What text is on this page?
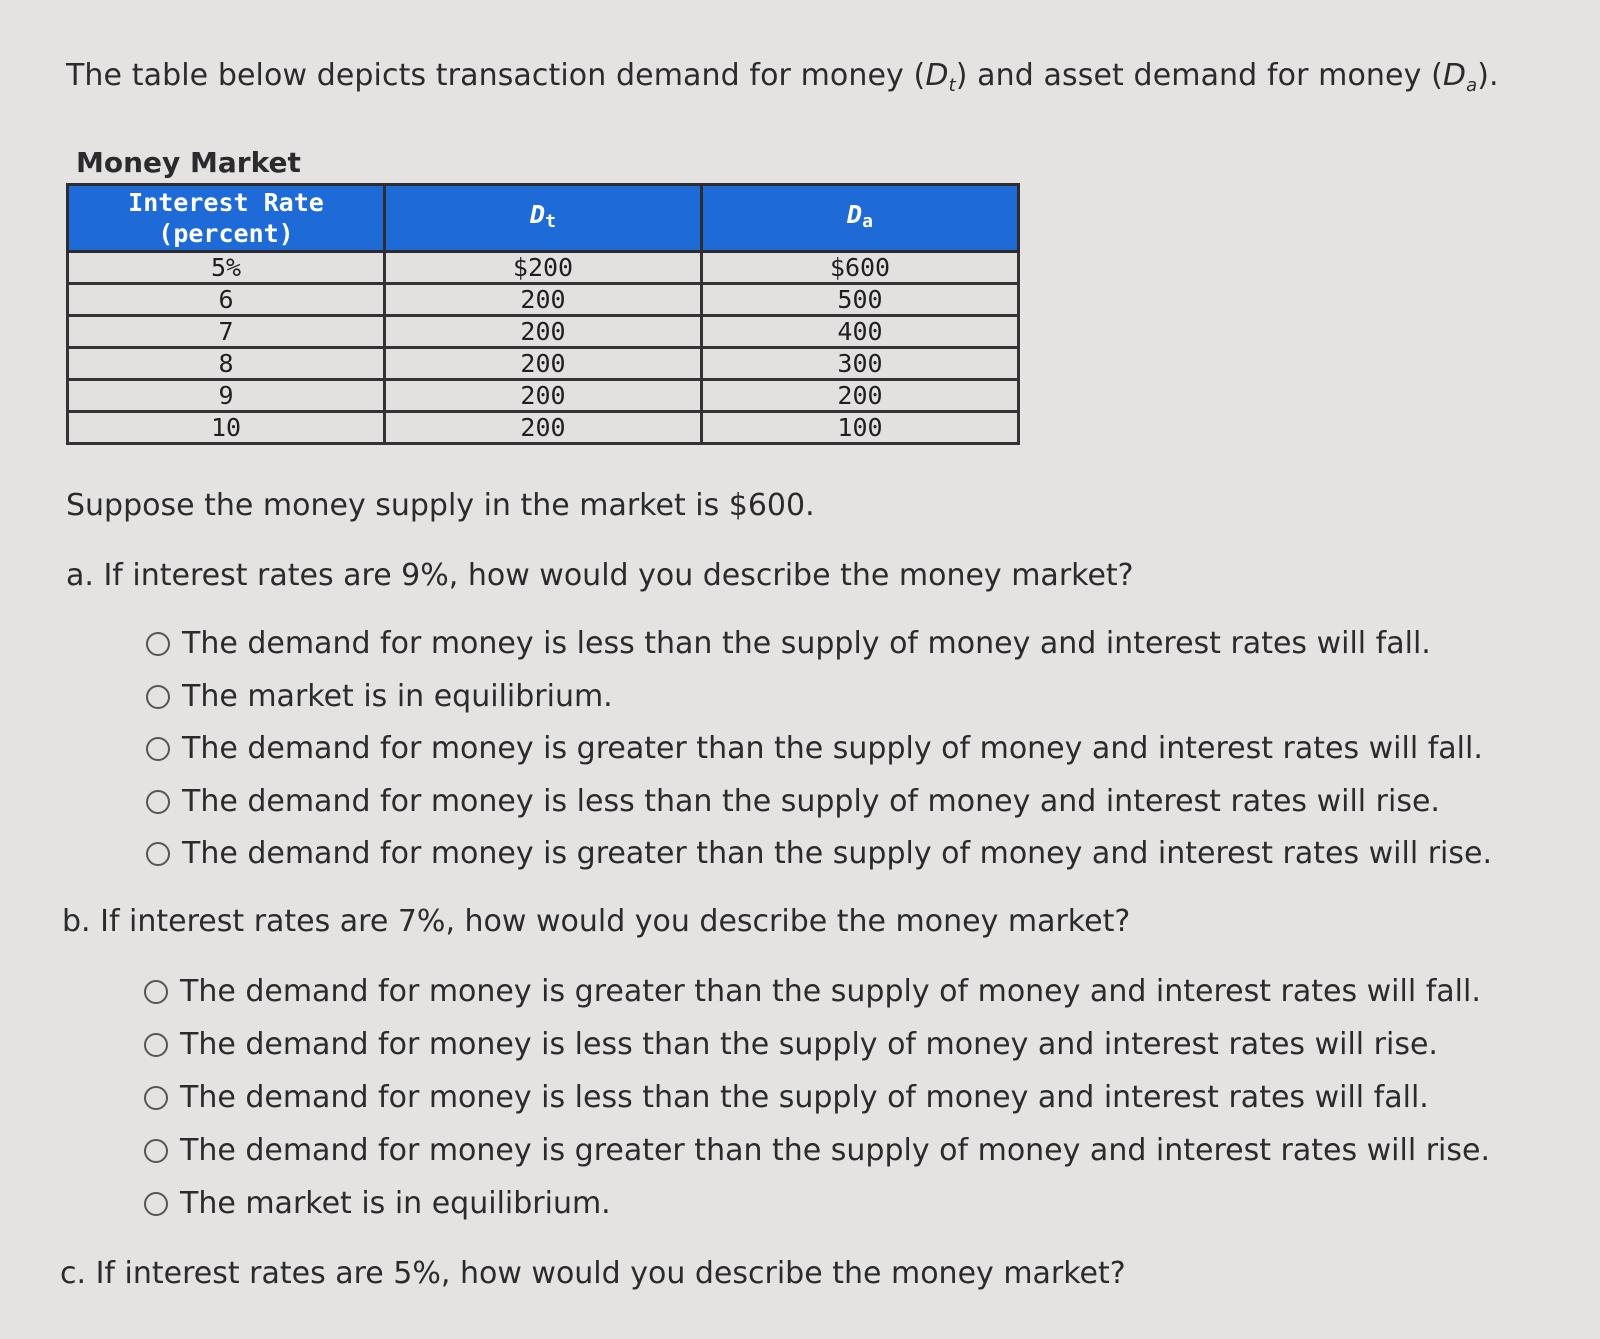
The table below depicts transaction demand for money $(D_t)$ and asset demand for money $(D_a)$.
Money Market
Interest Rate
(percent)	$D_t$	$D_a$
5%	$200	$600
6	200	500
7	200	400
8	200	300
9	200	200
10	200	100
Suppose the money supply in the market is $600.
a. If interest rates are 9%, how would you describe the money market?
The demand for money is less than the supply of money and interest rates will fall.
The market is in equilibrium.
The demand for money is greater than the supply of money and interest rates will fall.
The demand for money is less than the supply of money and interest rates will rise.
The demand for money is greater than the supply of money and interest rates will rise.
b. If interest rates are 7%, how would you describe the money market?
The demand for money is greater than the supply of money and interest rates will fall.
The demand for money is less than the supply of money and interest rates will rise.
The demand for money is less than the supply of money and interest rates will fall.
The demand for money is greater than the supply of money and interest rates will rise.
The market is in equilibrium.
c. If interest rates are 5%, how would you describe the money market?
